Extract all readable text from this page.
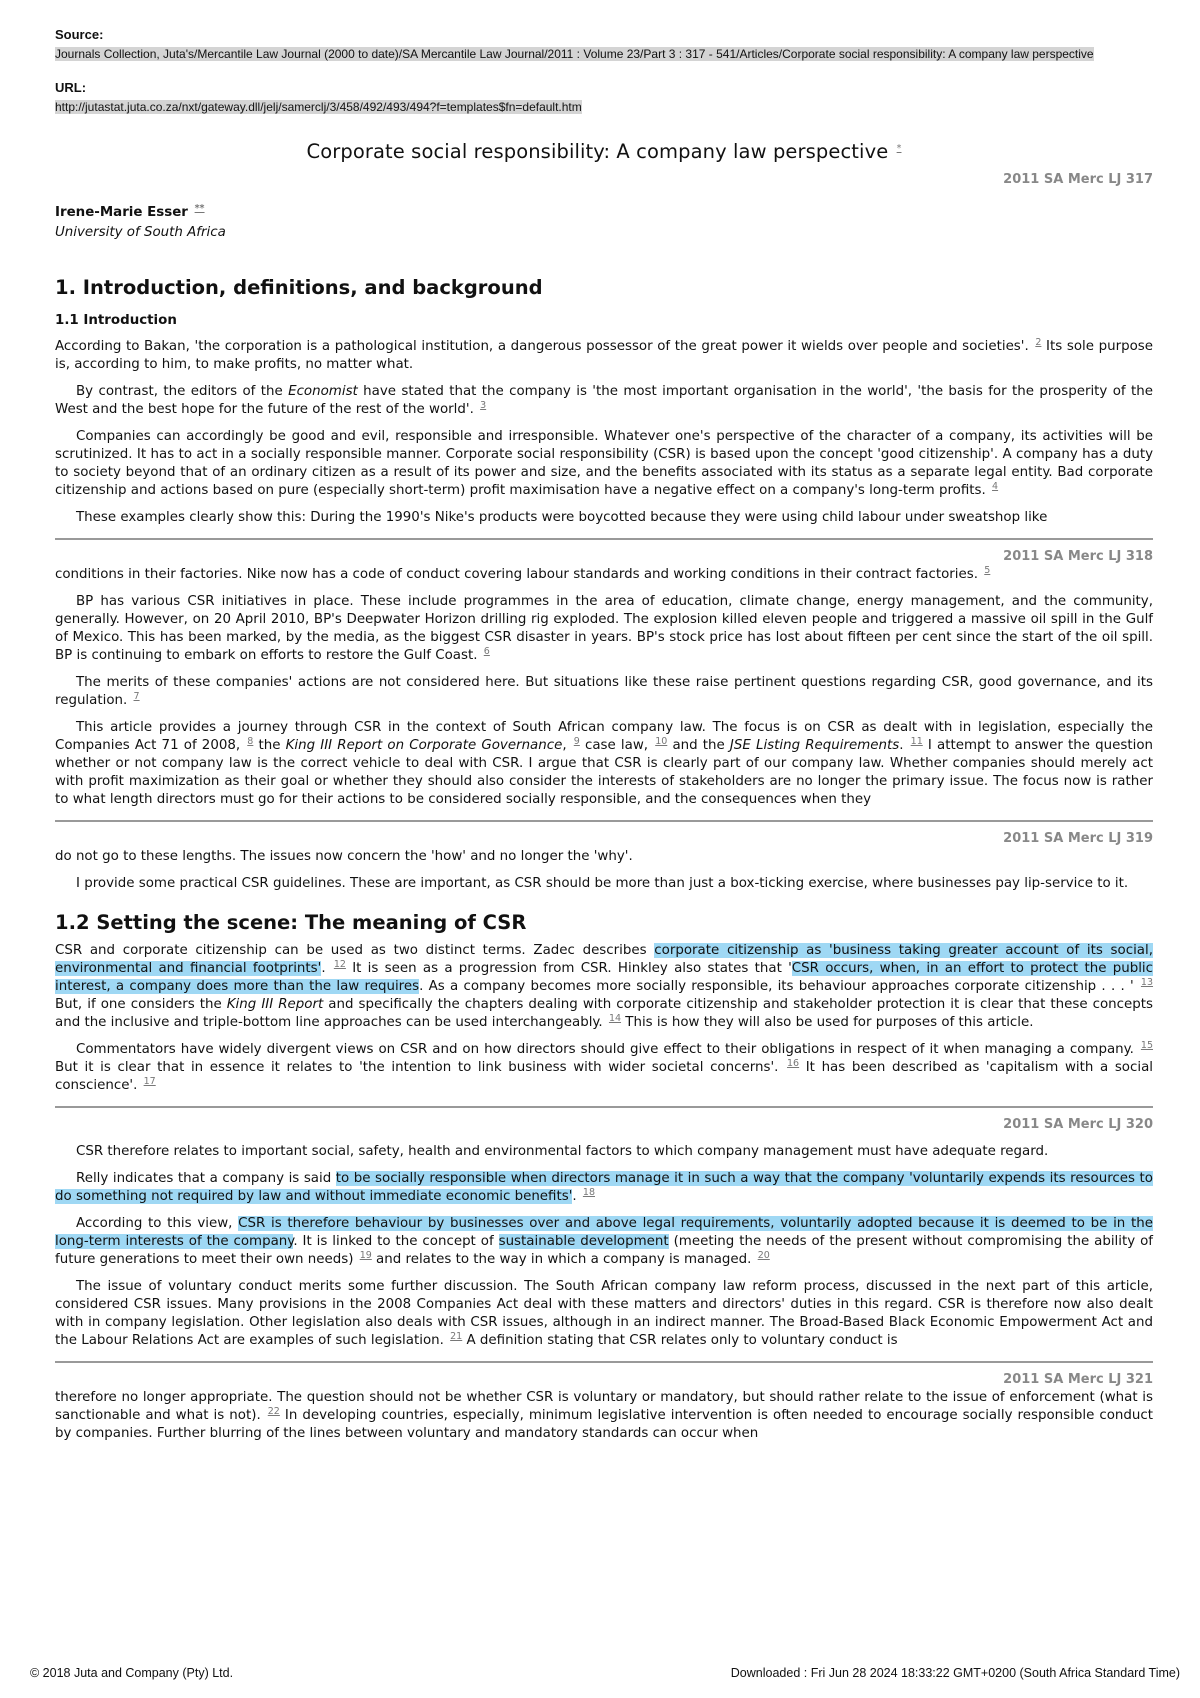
Source:

Journals Collection, Juta's/Mercantile Law Journal (2000 to date)/SA Mercantile Law Journal/2011 : Volume 23/Part 3 : 317 - 541/Articles/Corporate social responsibility: A company law perspective

URL:

http://jutastat.juta.co.za/nxt/gateway.dll/jelj/samerclj/3/458/492/493/494?f=templates$fn=default.htm

Corporate social responsibility: A company law perspective *

2011 SA Merc LJ 317

Irene-Marie Esser **

University of South Africa

1. Introduction, definitions, and background
1.1 Introduction

According to Bakan, 'the corporation is a pathological institution, a dangerous possessor of the great power it wields over people and societies'. $^2$ Its sole purpose is, according to him, to make profits, no matter what.

By contrast, the editors of the Economist have stated that the company is 'the most important organisation in the world', 'the basis for the prosperity of the West and the best hope for the future of the rest of the world'. $^3$

Companies can accordingly be good and evil, responsible and irresponsible. Whatever one's perspective of the character of a company, its activities will be scrutinized. It has to act in a socially responsible manner. Corporate social responsibility (CSR) is based upon the concept 'good citizenship'. A company has a duty to society beyond that of an ordinary citizen as a result of its power and size, and the benefits associated with its status as a separate legal entity. Bad corporate citizenship and actions based on pure (especially short-term) profit maximisation have a negative effect on a company's long-term profits. $^4$

These examples clearly show this: During the 1990's Nike's products were boycotted because they were using child labour under sweatshop like

2011 SA Merc LJ 318

conditions in their factories. Nike now has a code of conduct covering labour standards and working conditions in their contract factories. $^5$

BP has various CSR initiatives in place. These include programmes in the area of education, climate change, energy management, and the community, generally. However, on 20 April 2010, BP's Deepwater Horizon drilling rig exploded. The explosion killed eleven people and triggered a massive oil spill in the Gulf of Mexico. This has been marked, by the media, as the biggest CSR disaster in years. BP's stock price has lost about fifteen per cent since the start of the oil spill. BP is continuing to embark on efforts to restore the Gulf Coast. $^6$

The merits of these companies' actions are not considered here. But situations like these raise pertinent questions regarding CSR, good governance, and its regulation. $^7$

This article provides a journey through CSR in the context of South African company law. The focus is on CSR as dealt with in legislation, especially the Companies Act 71 of 2008, $^8$ the King III Report on Corporate Governance, $^9$ case law, $^{10}$ and the JSE Listing Requirements. $^{11}$ I attempt to answer the question whether or not company law is the correct vehicle to deal with CSR. I argue that CSR is clearly part of our company law. Whether companies should merely act with profit maximization as their goal or whether they should also consider the interests of stakeholders are no longer the primary issue. The focus now is rather to what length directors must go for their actions to be considered socially responsible, and the consequences when they

2011 SA Merc LJ 319

do not go to these lengths. The issues now concern the 'how' and no longer the 'why'.

I provide some practical CSR guidelines. These are important, as CSR should be more than just a box-ticking exercise, where businesses pay lip-service to it.

1.2 Setting the scene: The meaning of CSR

CSR and corporate citizenship can be used as two distinct terms. Zadec describes corporate citizenship as 'business taking greater account of its social, environmental and financial footprints'. $^{12}$ It is seen as a progression from CSR. Hinkley also states that 'CSR occurs, when, in an effort to protect the public interest, a company does more than the law requires. As a company becomes more socially responsible, its behaviour approaches corporate citizenship . . . ' $^{13}$ But, if one considers the King III Report and specifically the chapters dealing with corporate citizenship and stakeholder protection it is clear that these concepts and the inclusive and triple-bottom line approaches can be used interchangeably. $^{14}$ This is how they will also be used for purposes of this article.

Commentators have widely divergent views on CSR and on how directors should give effect to their obligations in respect of it when managing a company. $^{15}$ But it is clear that in essence it relates to 'the intention to link business with wider societal concerns'. $^{16}$ It has been described as 'capitalism with a social conscience'. $^{17}$

2011 SA Merc LJ 320

CSR therefore relates to important social, safety, health and environmental factors to which company management must have adequate regard.

Relly indicates that a company is said to be socially responsible when directors manage it in such a way that the company 'voluntarily expends its resources to do something not required by law and without immediate economic benefits'. $^{18}$

According to this view, CSR is therefore behaviour by businesses over and above legal requirements, voluntarily adopted because it is deemed to be in the long-term interests of the company. It is linked to the concept of sustainable development (meeting the needs of the present without compromising the ability of future generations to meet their own needs) $^{19}$ and relates to the way in which a company is managed. $^{20}$

The issue of voluntary conduct merits some further discussion. The South African company law reform process, discussed in the next part of this article, considered CSR issues. Many provisions in the 2008 Companies Act deal with these matters and directors' duties in this regard. CSR is therefore now also dealt with in company legislation. Other legislation also deals with CSR issues, although in an indirect manner. The Broad-Based Black Economic Empowerment Act and the Labour Relations Act are examples of such legislation. $^{21}$ A definition stating that CSR relates only to voluntary conduct is

2011 SA Merc LJ 321

therefore no longer appropriate. The question should not be whether CSR is voluntary or mandatory, but should rather relate to the issue of enforcement (what is sanctionable and what is not). $^{22}$ In developing countries, especially, minimum legislative intervention is often needed to encourage socially responsible conduct by companies. Further blurring of the lines between voluntary and mandatory standards can occur when

© 2018 Juta and Company (Pty) Ltd.	Downloaded : Fri Jun 28 2024 18:33:22 GMT+0200 (South Africa Standard Time)
